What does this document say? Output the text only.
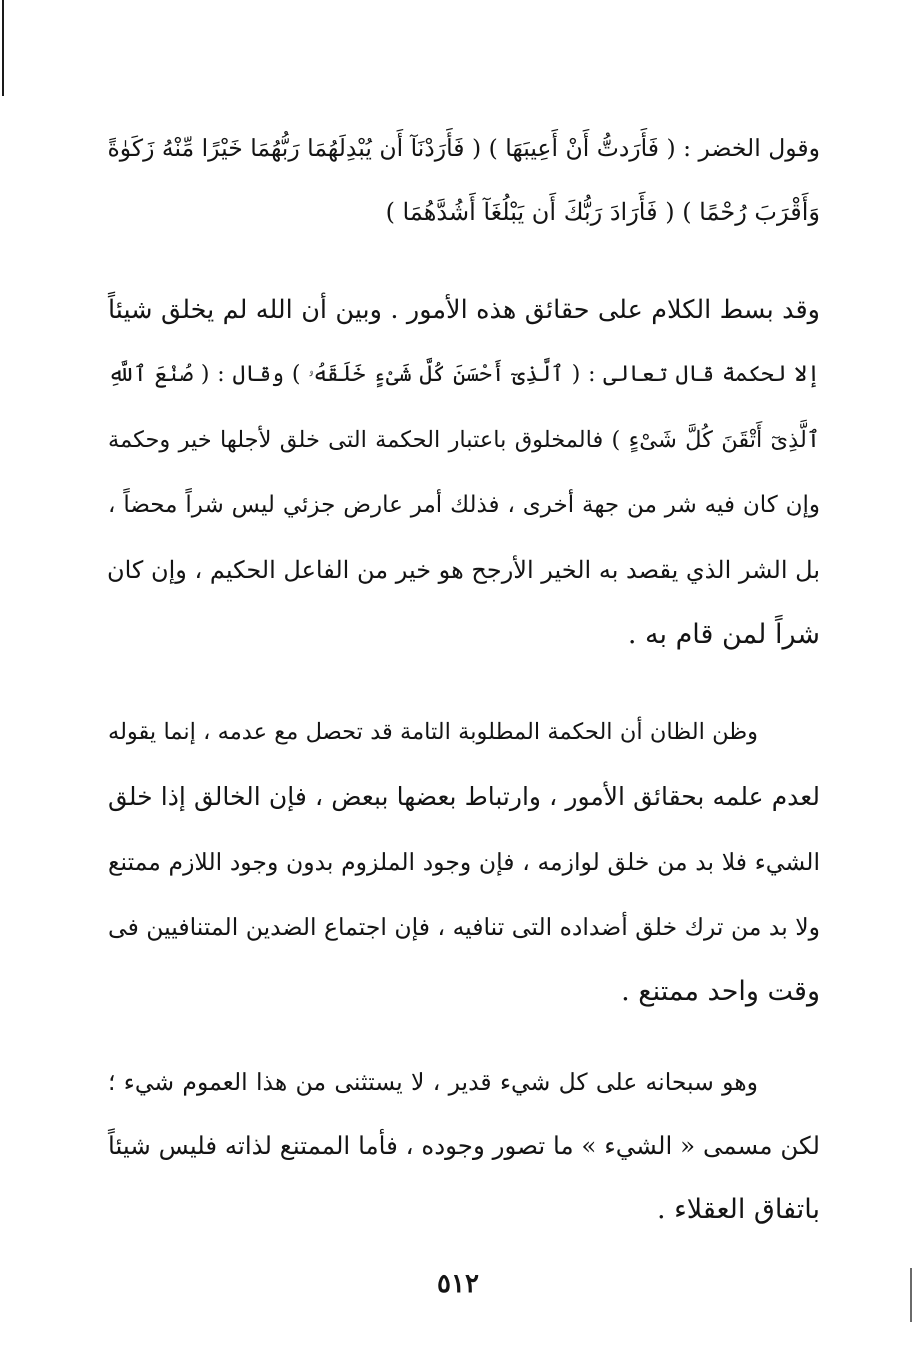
وقول الخضر : ( فَأَرَدتُّ أَنْ أَعِيبَهَا ) ( فَأَرَدْنَآ أَن يُبْدِلَهُمَا رَبُّهُمَا خَيْرًا مِّنْهُ زَكَوٰةً
وَأَقْرَبَ رُحْمًا ) ( فَأَرَادَ رَبُّكَ أَن يَبْلُغَآ أَشُدَّهُمَا )
وقد بسط الكلام على حقائق هذه الأمور . وبين أن الله لم يخلق شيئاً
إلا لحكمة قال تعالى : ( ٱلَّذِىٓ أَحْسَنَ كُلَّ شَىْءٍ خَلَقَهُۥ ) وقال : ( صُنْعَ ٱللَّهِ
ٱلَّذِىٓ أَتْقَنَ كُلَّ شَىْءٍ ) فالمخلوق باعتبار الحكمة التى خلق لأجلها خير وحكمة
وإن كان فيه شر من جهة أخرى ، فذلك أمر عارض جزئي ليس شراً محضاً ،
بل الشر الذي يقصد به الخير الأرجح هو خير من الفاعل الحكيم ، وإن كان
شراً لمن قام به .
وظن الظان أن الحكمة المطلوبة التامة قد تحصل مع عدمه ، إنما يقوله
لعدم علمه بحقائق الأمور ، وارتباط بعضها ببعض ، فإن الخالق إذا خلق
الشيء فلا بد من خلق لوازمه ، فإن وجود الملزوم بدون وجود اللازم ممتنع
ولا بد من ترك خلق أضداده التى تنافيه ، فإن اجتماع الضدين المتنافيين فى
وقت واحد ممتنع .
وهو سبحانه على كل شيء قدير ، لا يستثنى من هذا العموم شيء ؛
لكن مسمى « الشيء » ما تصور وجوده ، فأما الممتنع لذاته فليس شيئاً
باتفاق العقلاء .
٥١٢
